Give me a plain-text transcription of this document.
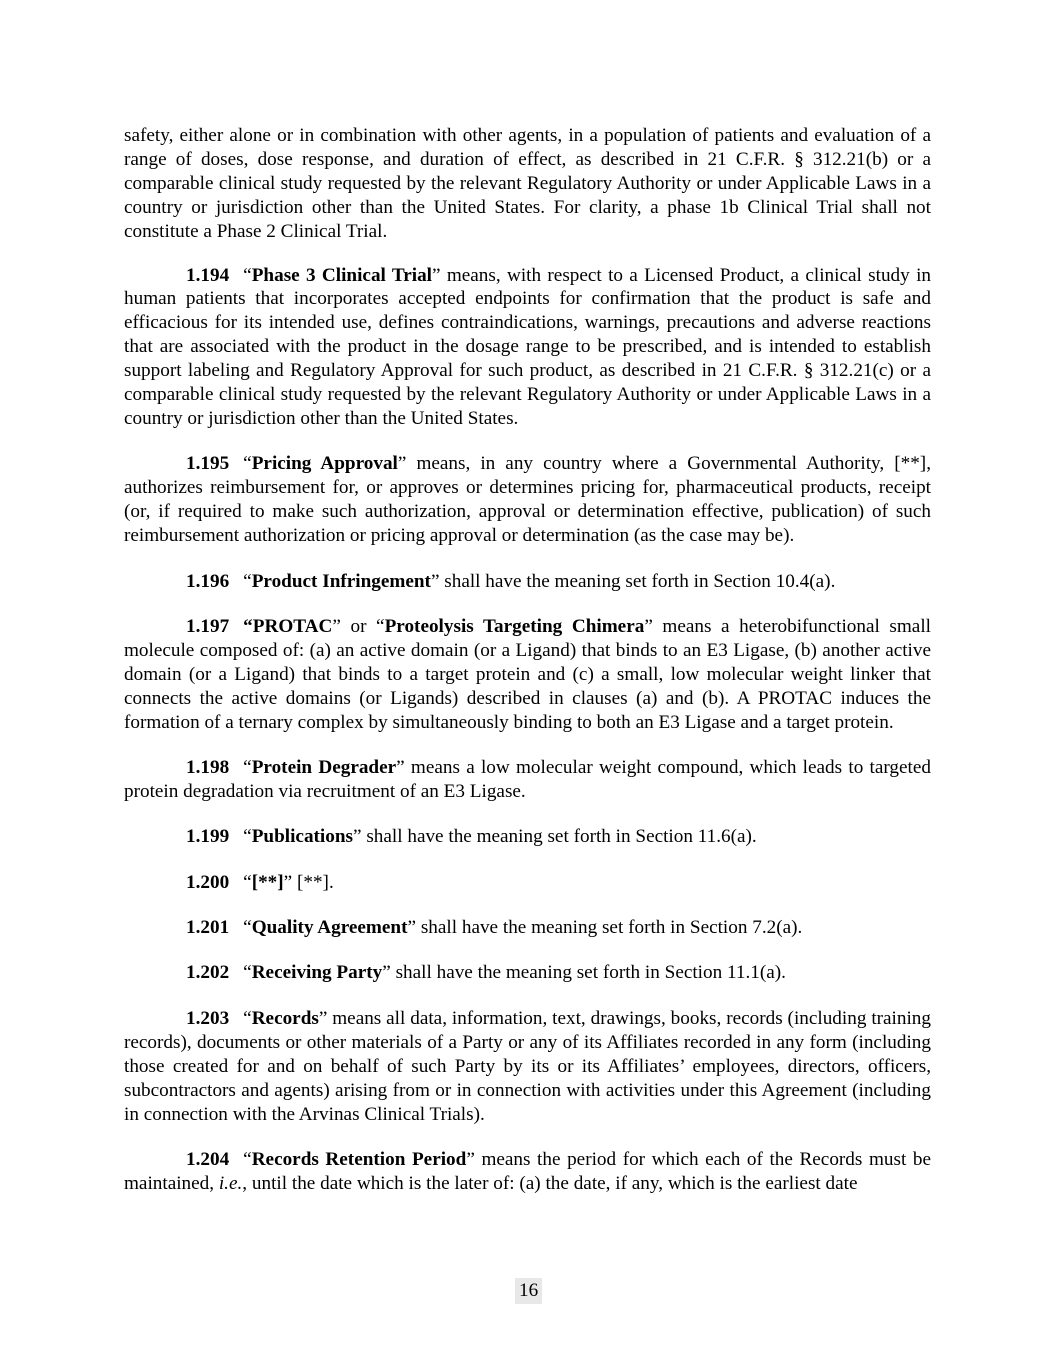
safety, either alone or in combination with other agents, in a population of patients and evaluation of a range of doses, dose response, and duration of effect, as described in 21 C.F.R. § 312.21(b) or a comparable clinical study requested by the relevant Regulatory Authority or under Applicable Laws in a country or jurisdiction other than the United States. For clarity, a phase 1b Clinical Trial shall not constitute a Phase 2 Clinical Trial.

1.194 “Phase 3 Clinical Trial” means, with respect to a Licensed Product, a clinical study in human patients that incorporates accepted endpoints for confirmation that the product is safe and efficacious for its intended use, defines contraindications, warnings, precautions and adverse reactions that are associated with the product in the dosage range to be prescribed, and is intended to establish support labeling and Regulatory Approval for such product, as described in 21 C.F.R. § 312.21(c) or a comparable clinical study requested by the relevant Regulatory Authority or under Applicable Laws in a country or jurisdiction other than the United States.

1.195 “Pricing Approval” means, in any country where a Governmental Authority, [**], authorizes reimbursement for, or approves or determines pricing for, pharmaceutical products, receipt (or, if required to make such authorization, approval or determination effective, publication) of such reimbursement authorization or pricing approval or determination (as the case may be).

1.196 “Product Infringement” shall have the meaning set forth in Section 10.4(a).

1.197 “PROTAC” or “Proteolysis Targeting Chimera” means a heterobifunctional small molecule composed of: (a) an active domain (or a Ligand) that binds to an E3 Ligase, (b) another active domain (or a Ligand) that binds to a target protein and (c) a small, low molecular weight linker that connects the active domains (or Ligands) described in clauses (a) and (b). A PROTAC induces the formation of a ternary complex by simultaneously binding to both an E3 Ligase and a target protein.

1.198 “Protein Degrader” means a low molecular weight compound, which leads to targeted protein degradation via recruitment of an E3 Ligase.

1.199 “Publications” shall have the meaning set forth in Section 11.6(a).

1.200 “[**]” [**].

1.201 “Quality Agreement” shall have the meaning set forth in Section 7.2(a).

1.202 “Receiving Party” shall have the meaning set forth in Section 11.1(a).

1.203 “Records” means all data, information, text, drawings, books, records (including training records), documents or other materials of a Party or any of its Affiliates recorded in any form (including those created for and on behalf of such Party by its or its Affiliates’ employees, directors, officers, subcontractors and agents) arising from or in connection with activities under this Agreement (including in connection with the Arvinas Clinical Trials).

1.204 “Records Retention Period” means the period for which each of the Records must be maintained, i.e., until the date which is the later of: (a) the date, if any, which is the earliest date

16
